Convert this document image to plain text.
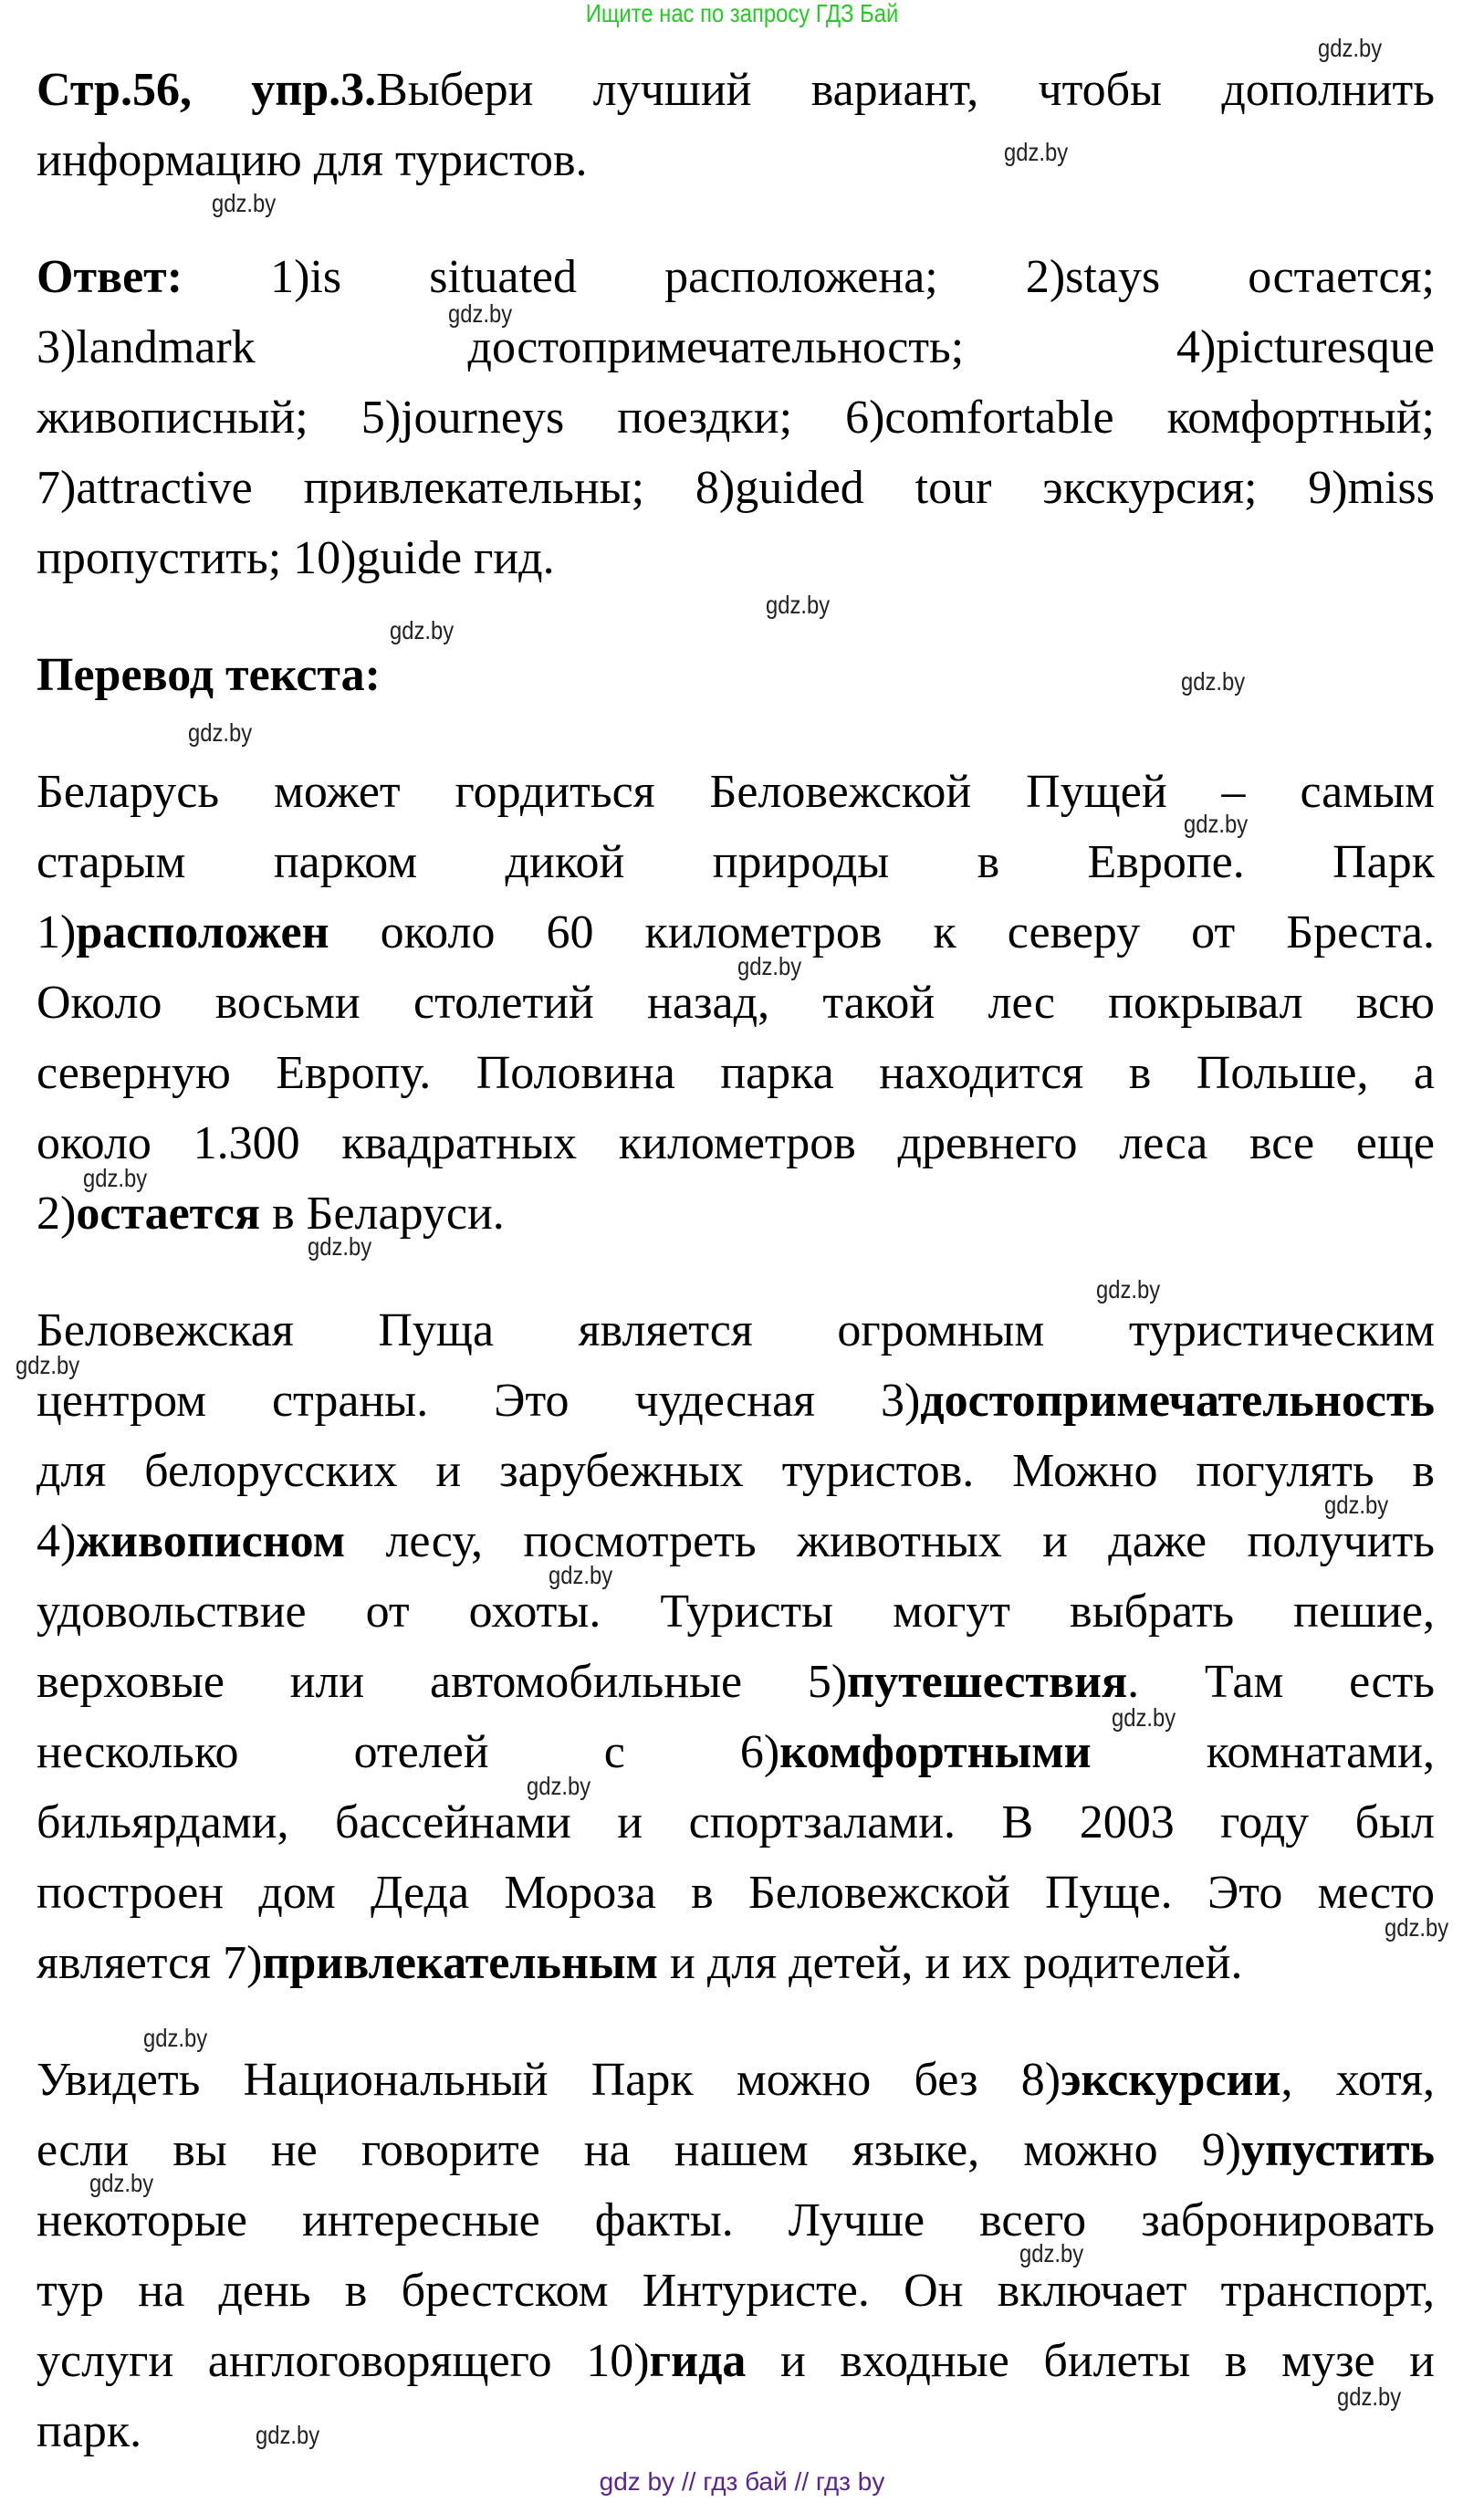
Ищите нас по запросу ГДЗ Бай
Стр.56, упр.3.Выбери лучший вариант, чтобы дополнить
информацию для туристов.
Ответ: 1)is situated расположена; 2)stays остается;
3)landmark достопримечательность; 4)picturesque
живописный; 5)journeys поездки; 6)comfortable комфортный;
7)attractive привлекательны; 8)guided tour экскурсия; 9)miss
пропустить; 10)guide гид.
Перевод текста:
Беларусь может гордиться Беловежской Пущей – самым
старым парком дикой природы в Европе. Парк
1)расположен около 60 километров к северу от Бреста.
Около восьми столетий назад, такой лес покрывал всю
северную Европу. Половина парка находится в Польше, а
около 1.300 квадратных километров древнего леса все еще
2)остается в Беларуси.
Беловежская Пуща является огромным туристическим
центром страны. Это чудесная 3)достопримечательность
для белорусских и зарубежных туристов. Можно погулять в
4)живописном лесу, посмотреть животных и даже получить
удовольствие от охоты. Туристы могут выбрать пешие,
верховые или автомобильные 5)путешествия. Там есть
несколько отелей с 6)комфортными комнатами,
бильярдами, бассейнами и спортзалами. В 2003 году был
построен дом Деда Мороза в Беловежской Пуще. Это место
является 7)привлекательным и для детей, и их родителей.
Увидеть Национальный Парк можно без 8)экскурсии, хотя,
если вы не говорите на нашем языке, можно 9)упустить
некоторые интересные факты. Лучше всего забронировать
тур на день в брестском Интуристе. Он включает транспорт,
услуги англоговорящего 10)гида и входные билеты в музе и
парк.
gdz.by
gdz.by
gdz.by
gdz.by
gdz.by
gdz.by
gdz.by
gdz.by
gdz.by
gdz.by
gdz.by
gdz.by
gdz.by
gdz.by
gdz.by
gdz.by
gdz.by
gdz.by
gdz.by
gdz.by
gdz.by
gdz.by
gdz.by
gdz.by
gdz by // гдз бай // гдз by
